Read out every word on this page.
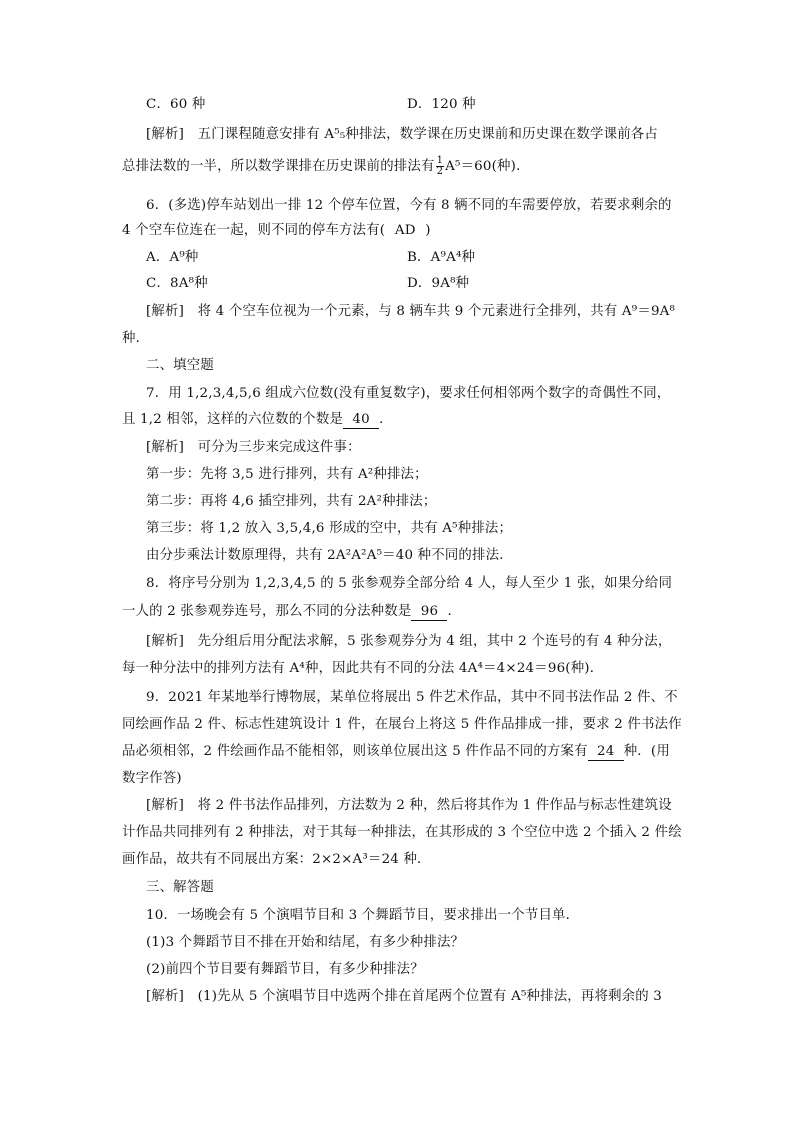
C．60 种	D．120 种
[解析]　五门课程随意安排有 A⁵₅种排法，数学课在历史课前和历史课在数学课前各占
总排法数的一半，所以数学课排在历史课前的排法有 $\frac{1}{2} A^5=60$(种)．
6．(多选)停车站划出一排 12 个停车位置，今有 8 辆不同的车需要停放，若要求剩余的
4 个空车位连在一起，则不同的停车方法有( AD )
A．A⁹种	B．A⁹A⁴种
C．8A⁸种	D．9A⁸种
[解析]　将 4 个空车位视为一个元素，与 8 辆车共 9 个元素进行全排列，共有 A⁹＝9A⁸
种．
二、填空题
7．用 1,2,3,4,5,6 组成六位数(没有重复数字)，要求任何相邻两个数字的奇偶性不同，
且 1,2 相邻，这样的六位数的个数是 40 ．
[解析]　可分为三步来完成这件事：
第一步：先将 3,5 进行排列，共有 A²种排法；
第二步：再将 4,6 插空排列，共有 2A²种排法；
第三步：将 1,2 放入 3,5,4,6 形成的空中，共有 A⁵种排法；
由分步乘法计数原理得，共有 2A²A²A⁵＝40 种不同的排法．
8．将序号分别为 1,2,3,4,5 的 5 张参观券全部分给 4 人，每人至少 1 张，如果分给同
一人的 2 张参观券连号，那么不同的分法种数是 96 ．
[解析]　先分组后用分配法求解，5 张参观券分为 4 组，其中 2 个连号的有 4 种分法，
每一种分法中的排列方法有 A⁴种，因此共有不同的分法 4A⁴＝4×24＝96(种)．
9．2021 年某地举行博物展，某单位将展出 5 件艺术作品，其中不同书法作品 2 件、不
同绘画作品 2 件、标志性建筑设计 1 件，在展台上将这 5 件作品排成一排，要求 2 件书法作
品必须相邻，2 件绘画作品不能相邻，则该单位展出这 5 件作品不同的方案有 24 种．(用
数字作答)
[解析]　将 2 件书法作品排列，方法数为 2 种，然后将其作为 1 件作品与标志性建筑设
计作品共同排列有 2 种排法，对于其每一种排法，在其形成的 3 个空位中选 2 个插入 2 件绘
画作品，故共有不同展出方案：2×2×A³＝24 种．
三、解答题
10．一场晚会有 5 个演唱节目和 3 个舞蹈节目，要求排出一个节目单．
(1)3 个舞蹈节目不排在开始和结尾，有多少种排法？
(2)前四个节目要有舞蹈节目，有多少种排法？
[解析]　(1)先从 5 个演唱节目中选两个排在首尾两个位置有 A⁵种排法，再将剩余的 3
